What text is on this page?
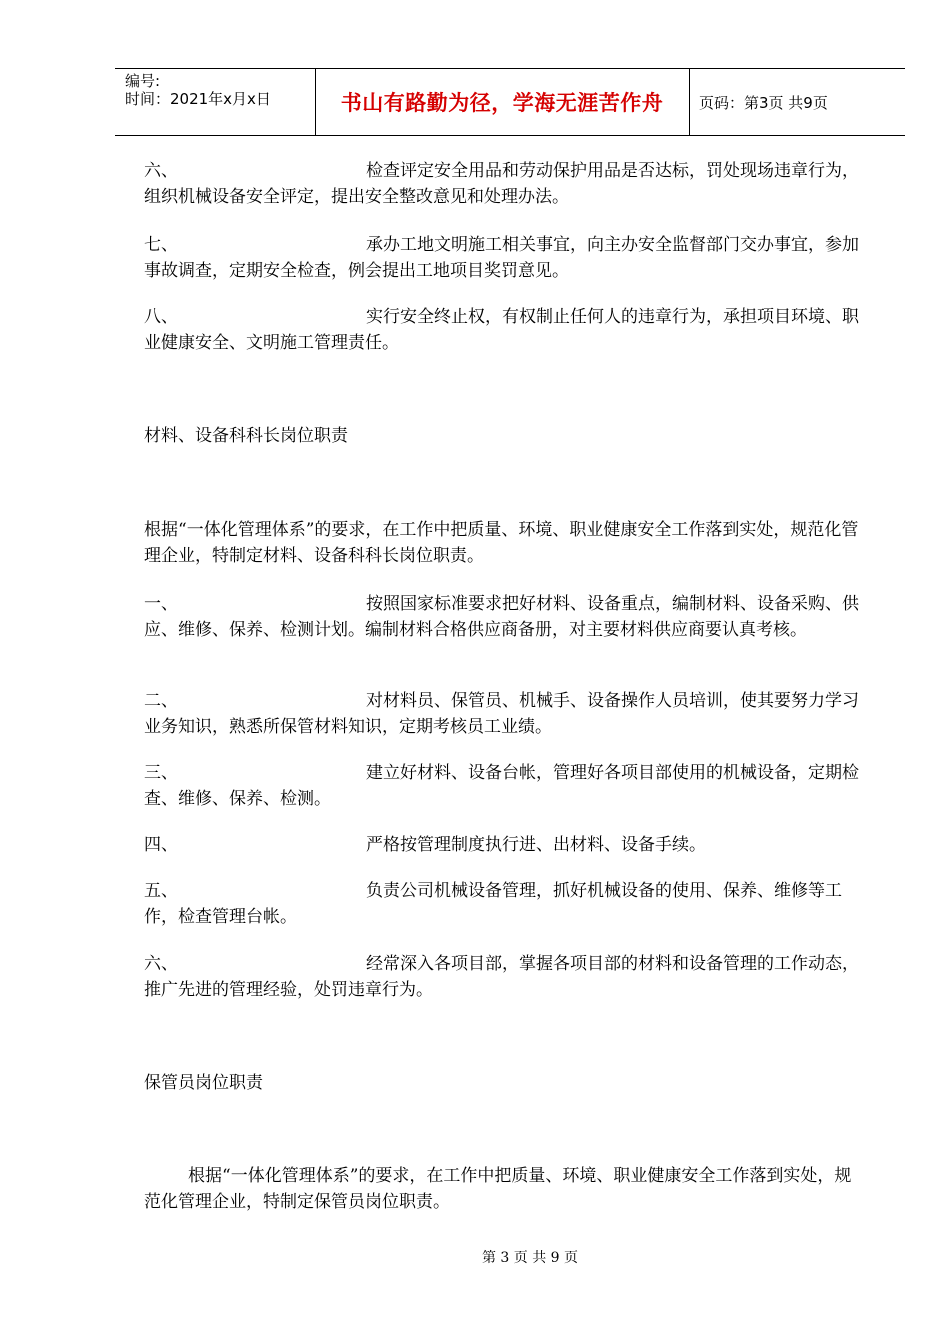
编号:
时间：2021年x月x日	书山有路勤为径，学海无涯苦作舟 页码：第3页 共9页
六、	检查评定安全用品和劳动保护用品是否达标，罚处现场违章行为，组织机械设备安全评定，提出安全整改意见和处理办法。
七、	承办工地文明施工相关事宜，向主办安全监督部门交办事宜，参加事故调查，定期安全检查，例会提出工地项目奖罚意见。
八、	实行安全终止权，有权制止任何人的违章行为，承担项目环境、职业健康安全、文明施工管理责任。
材料、设备科科长岗位职责
根据“一体化管理体系”的要求，在工作中把质量、环境、职业健康安全工作落到实处，规范化管理企业，特制定材料、设备科科长岗位职责。
一、	按照国家标准要求把好材料、设备重点，编制材料、设备采购、供应、维修、保养、检测计划。编制材料合格供应商备册，对主要材料供应商要认真考核。
二、	对材料员、保管员、机械手、设备操作人员培训，使其要努力学习业务知识，熟悉所保管材料知识，定期考核员工业绩。
三、	建立好材料、设备台帐，管理好各项目部使用的机械设备，定期检查、维修、保养、检测。
四、	严格按管理制度执行进、出材料、设备手续。
五、	负责公司机械设备管理，抓好机械设备的使用、保养、维修等工作，检查管理台帐。
六、	经常深入各项目部，掌握各项目部的材料和设备管理的工作动态，推广先进的管理经验，处罚违章行为。
保管员岗位职责
根据“一体化管理体系”的要求，在工作中把质量、环境、职业健康安全工作落到实处，规范化管理企业，特制定保管员岗位职责。
第 3 页 共 9 页
